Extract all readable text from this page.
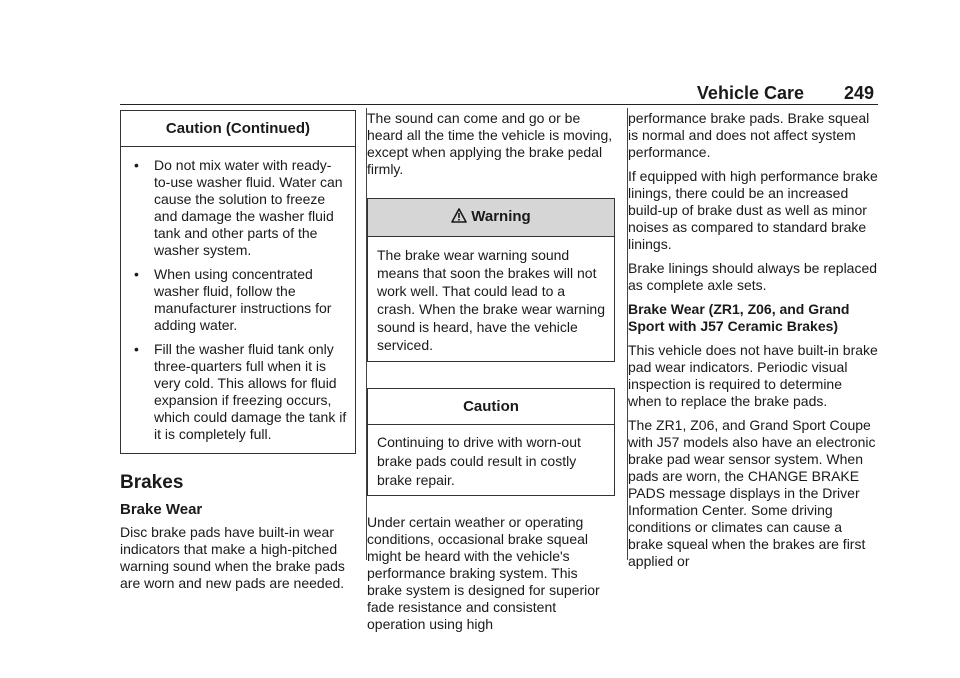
Vehicle Care 249
Caution (Continued)
•	Do not mix water with ready-to-use washer fluid. Water can cause the solution to freeze and damage the washer fluid tank and other parts of the washer system.
•	When using concentrated washer fluid, follow the manufacturer instructions for adding water.
•	Fill the washer fluid tank only three-quarters full when it is very cold. This allows for fluid expansion if freezing occurs, which could damage the tank if it is completely full.
Brakes
Brake Wear

Disc brake pads have built-in wear indicators that make a high-pitched warning sound when the brake pads are worn and new pads are needed.

The sound can come and go or be heard all the time the vehicle is moving, except when applying the brake pedal firmly.

Warning

The brake wear warning sound means that soon the brakes will not work well. That could lead to a crash. When the brake wear warning sound is heard, have the vehicle serviced.

Caution

Continuing to drive with worn-out brake pads could result in costly brake repair.

Under certain weather or operating conditions, occasional brake squeal might be heard with the vehicle's performance braking system. This brake system is designed for superior fade resistance and consistent operation using high

performance brake pads. Brake squeal is normal and does not affect system performance.

If equipped with high performance brake linings, there could be an increased build-up of brake dust as well as minor noises as compared to standard brake linings.

Brake linings should always be replaced as complete axle sets.

Brake Wear (ZR1, Z06, and Grand Sport with J57 Ceramic Brakes)

This vehicle does not have built-in brake pad wear indicators. Periodic visual inspection is required to determine when to replace the brake pads.

The ZR1, Z06, and Grand Sport Coupe with J57 models also have an electronic brake pad wear sensor system. When pads are worn, the CHANGE BRAKE PADS message displays in the Driver Information Center. Some driving conditions or climates can cause a brake squeal when the brakes are first applied or
